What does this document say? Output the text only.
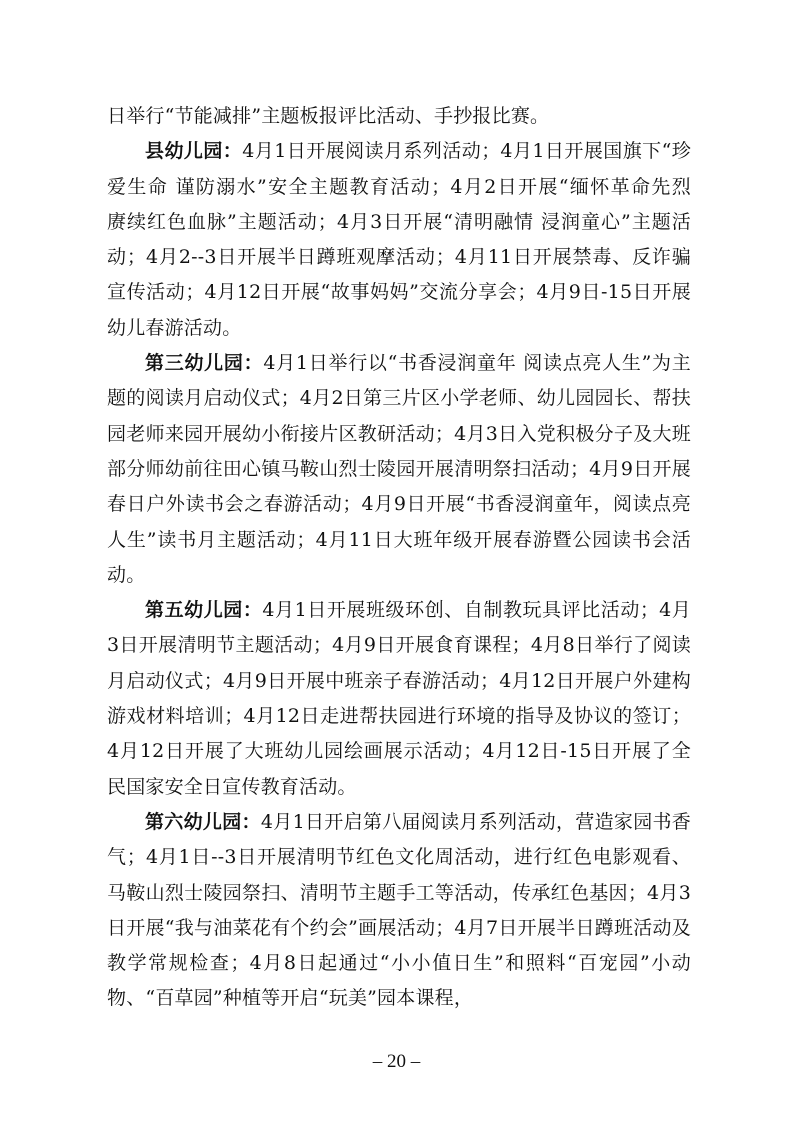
日举行“节能减排”主题板报评比活动、手抄报比赛。

县幼儿园：4月1日开展阅读月系列活动；4月1日开展国旗下“珍爱生命 谨防溺水”安全主题教育活动；4月2日开展“缅怀革命先烈　赓续红色血脉”主题活动；4月3日开展“清明融情 浸润童心”主题活动；4月2--3日开展半日蹲班观摩活动；4月11日开展禁毒、反诈骗宣传活动；4月12日开展“故事妈妈”交流分享会；4月9日-15日开展幼儿春游活动。

第三幼儿园：4月1日举行以“书香浸润童年 阅读点亮人生”为主题的阅读月启动仪式；4月2日第三片区小学老师、幼儿园园长、帮扶园老师来园开展幼小衔接片区教研活动；4月3日入党积极分子及大班部分师幼前往田心镇马鞍山烈士陵园开展清明祭扫活动；4月9日开展春日户外读书会之春游活动；4月9日开展“书香浸润童年，阅读点亮人生”读书月主题活动；4月11日大班年级开展春游暨公园读书会活动。

第五幼儿园：4月1日开展班级环创、自制教玩具评比活动；4月3日开展清明节主题活动；4月9日开展食育课程；4月8日举行了阅读月启动仪式；4月9日开展中班亲子春游活动；4月12日开展户外建构游戏材料培训；4月12日走进帮扶园进行环境的指导及协议的签订；4月12日开展了大班幼儿园绘画展示活动；4月12日-15日开展了全民国家安全日宣传教育活动。

第六幼儿园：4月1日开启第八届阅读月系列活动，营造家园书香气；4月1日--3日开展清明节红色文化周活动，进行红色电影观看、马鞍山烈士陵园祭扫、清明节主题手工等活动，传承红色基因；4月3日开展“我与油菜花有个约会”画展活动；4月7日开展半日蹲班活动及教学常规检查；4月8日起通过“小小值日生”和照料“百宠园”小动物、“百草园”种植等开启“玩美”园本课程，

– 20 –
